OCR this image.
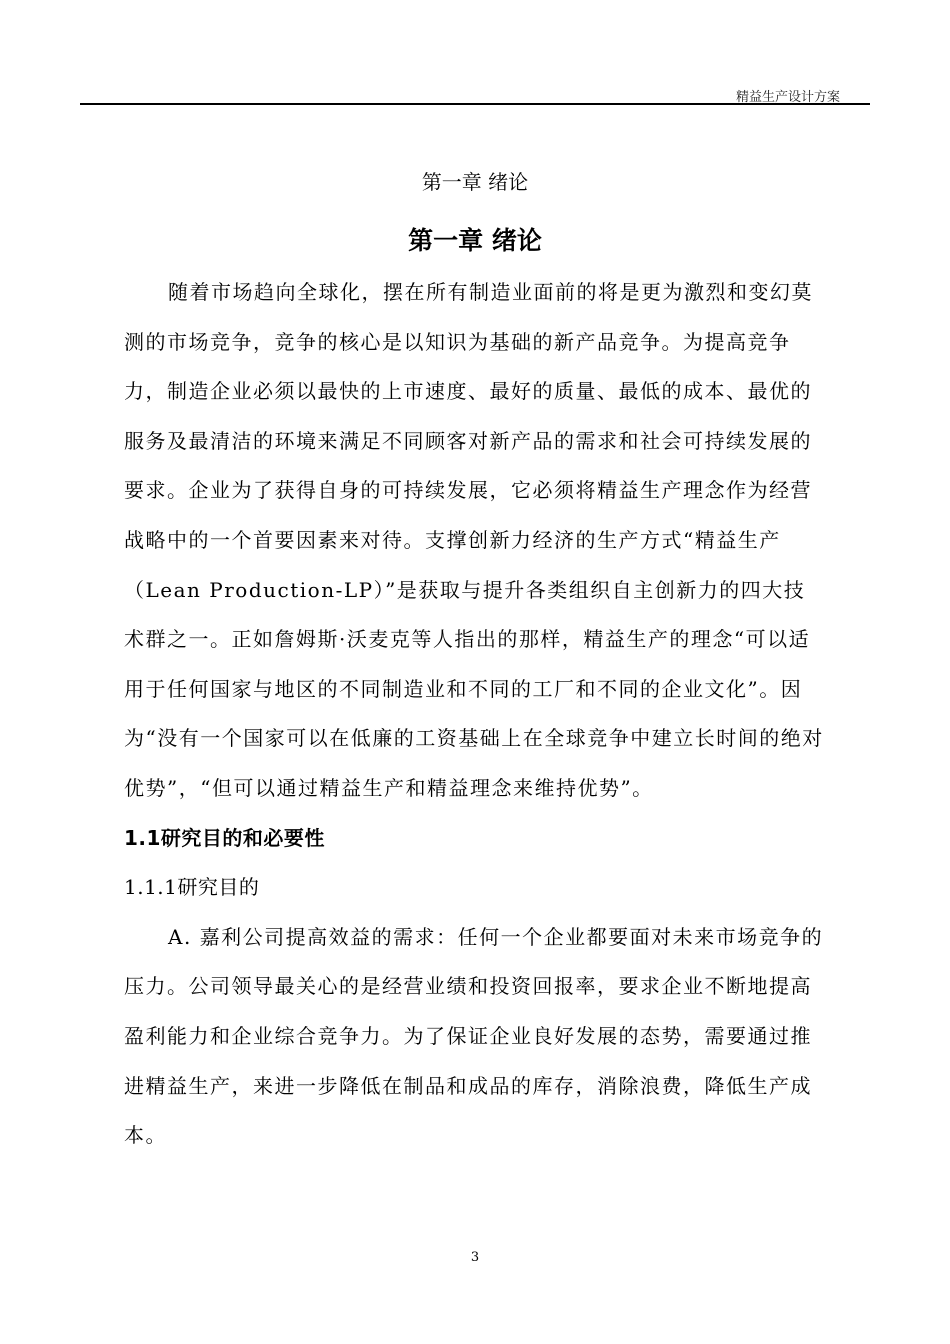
精益生产设计方案
第一章 绪论
第一章 绪论

随着市场趋向全球化，摆在所有制造业面前的将是更为激烈和变幻莫测的市场竞争，竞争的核心是以知识为基础的新产品竞争。为提高竞争力，制造企业必须以最快的上市速度、最好的质量、最低的成本、最优的服务及最清洁的环境来满足不同顾客对新产品的需求和社会可持续发展的要求。企业为了获得自身的可持续发展，它必须将精益生产理念作为经营战略中的一个首要因素来对待。支撑创新力经济的生产方式“精益生产（Lean Production-LP）”是获取与提升各类组织自主创新力的四大技术群之一。正如詹姆斯·沃麦克等人指出的那样，精益生产的理念“可以适用于任何国家与地区的不同制造业和不同的工厂和不同的企业文化”。因为“没有一个国家可以在低廉的工资基础上在全球竞争中建立长时间的绝对优势”，“但可以通过精益生产和精益理念来维持优势”。

1.1研究目的和必要性

1.1.1研究目的

A. 嘉利公司提高效益的需求：任何一个企业都要面对未来市场竞争的压力。公司领导最关心的是经营业绩和投资回报率，要求企业不断地提高盈利能力和企业综合竞争力。为了保证企业良好发展的态势，需要通过推进精益生产，来进一步降低在制品和成品的库存，消除浪费，降低生产成本。

3
